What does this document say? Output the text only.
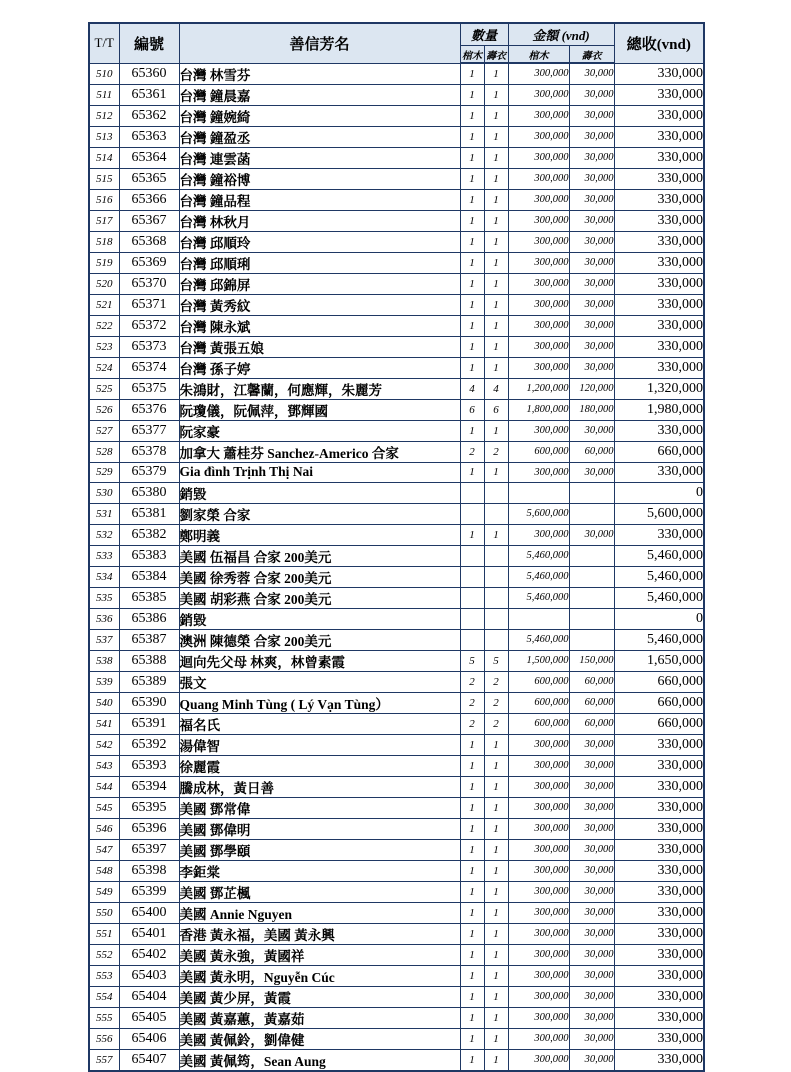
T/T	編號	善信芳名	數量		金額 (vnd)		總收(vnd)
			棺木	壽衣	棺木	壽衣	
510	65360	台灣 林雪芬	1	1	300,000	30,000	330,000
511	65361	台灣 鐘晨嘉	1	1	300,000	30,000	330,000
512	65362	台灣 鐘婉綺	1	1	300,000	30,000	330,000
513	65363	台灣 鐘盈丞	1	1	300,000	30,000	330,000
514	65364	台灣 連雲菡	1	1	300,000	30,000	330,000
515	65365	台灣 鐘裕博	1	1	300,000	30,000	330,000
516	65366	台灣 鐘品程	1	1	300,000	30,000	330,000
517	65367	台灣 林秋月	1	1	300,000	30,000	330,000
518	65368	台灣 邱順玲	1	1	300,000	30,000	330,000
519	65369	台灣 邱順琍	1	1	300,000	30,000	330,000
520	65370	台灣 邱錦屏	1	1	300,000	30,000	330,000
521	65371	台灣 黃秀紋	1	1	300,000	30,000	330,000
522	65372	台灣 陳永斌	1	1	300,000	30,000	330,000
523	65373	台灣 黃張五娘	1	1	300,000	30,000	330,000
524	65374	台灣 孫子婷	1	1	300,000	30,000	330,000
525	65375	朱鴻財，江馨蘭，何應輝，朱麗芳	4	4	1,200,000	120,000	1,320,000
526	65376	阮瓊儀，阮佩萍，鄧輝國	6	6	1,800,000	180,000	1,980,000
527	65377	阮家豪	1	1	300,000	30,000	330,000
528	65378	加拿大 蕭桂芬 Sanchez-Americo 合家	2	2	600,000	60,000	660,000
529	65379	Gia đình Trịnh Thị Nai	1	1	300,000	30,000	330,000
530	65380	銷毀					0
531	65381	劉家榮 合家			5,600,000		5,600,000
532	65382	鄭明義	1	1	300,000	30,000	330,000
533	65383	美國 伍福昌 合家 200美元			5,460,000		5,460,000
534	65384	美國 徐秀蓉 合家 200美元			5,460,000		5,460,000
535	65385	美國 胡彩燕 合家 200美元			5,460,000		5,460,000
536	65386	銷毀					0
537	65387	澳洲 陳德榮 合家 200美元			5,460,000		5,460,000
538	65388	迴向先父母 林爽，林曾素霞	5	5	1,500,000	150,000	1,650,000
539	65389	張文	2	2	600,000	60,000	660,000
540	65390	Quang Minh Tùng ( Lý Vạn Tùng）	2	2	600,000	60,000	660,000
541	65391	福名氏	2	2	600,000	60,000	660,000
542	65392	湯偉智	1	1	300,000	30,000	330,000
543	65393	徐麗霞	1	1	300,000	30,000	330,000
544	65394	騰成林，黃日善	1	1	300,000	30,000	330,000
545	65395	美國 鄧常偉	1	1	300,000	30,000	330,000
546	65396	美國 鄧偉明	1	1	300,000	30,000	330,000
547	65397	美國 鄧學頤	1	1	300,000	30,000	330,000
548	65398	李鉅棠	1	1	300,000	30,000	330,000
549	65399	美國 鄧芷楓	1	1	300,000	30,000	330,000
550	65400	美國 Annie Nguyen	1	1	300,000	30,000	330,000
551	65401	香港 黃永福，美國 黃永興	1	1	300,000	30,000	330,000
552	65402	美國 黃永強，黃國祥	1	1	300,000	30,000	330,000
553	65403	美國 黃永明，Nguyễn Cúc	1	1	300,000	30,000	330,000
554	65404	美國 黃少屏，黃霞	1	1	300,000	30,000	330,000
555	65405	美國 黃嘉蕙，黃嘉茹	1	1	300,000	30,000	330,000
556	65406	美國 黃佩鈴，劉偉健	1	1	300,000	30,000	330,000
557	65407	美國 黃佩筠，Sean Aung	1	1	300,000	30,000	330,000
